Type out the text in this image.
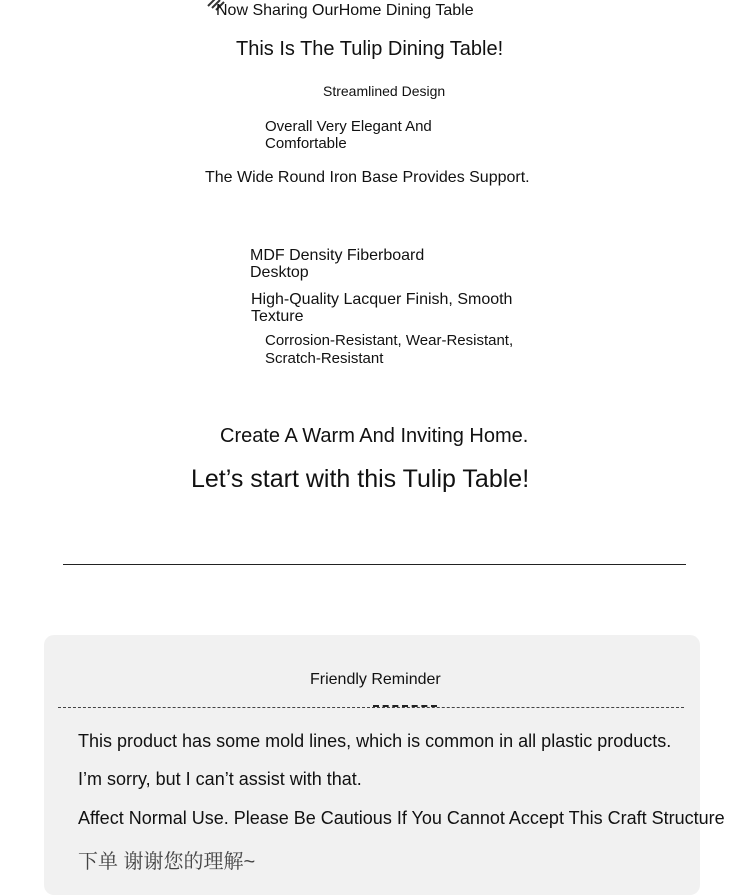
Now Sharing OurHome Dining Table
This Is The Tulip Dining Table!
Streamlined Design
Overall Very Elegant And Comfortable
The Wide Round Iron Base Provides Support.
MDF Density Fiberboard Desktop
High-Quality Lacquer Finish, Smooth Texture
Corrosion-Resistant, Wear-Resistant, Scratch-Resistant
Create A Warm And Inviting Home.
Let’s start with this Tulip Table!
Friendly Reminder
This product has some mold lines, which is common in all plastic products.
I’m sorry, but I can’t assist with that.
Affect Normal Use. Please Be Cautious If You Cannot Accept This Craft Structure
下单 谢谢您的理解~
